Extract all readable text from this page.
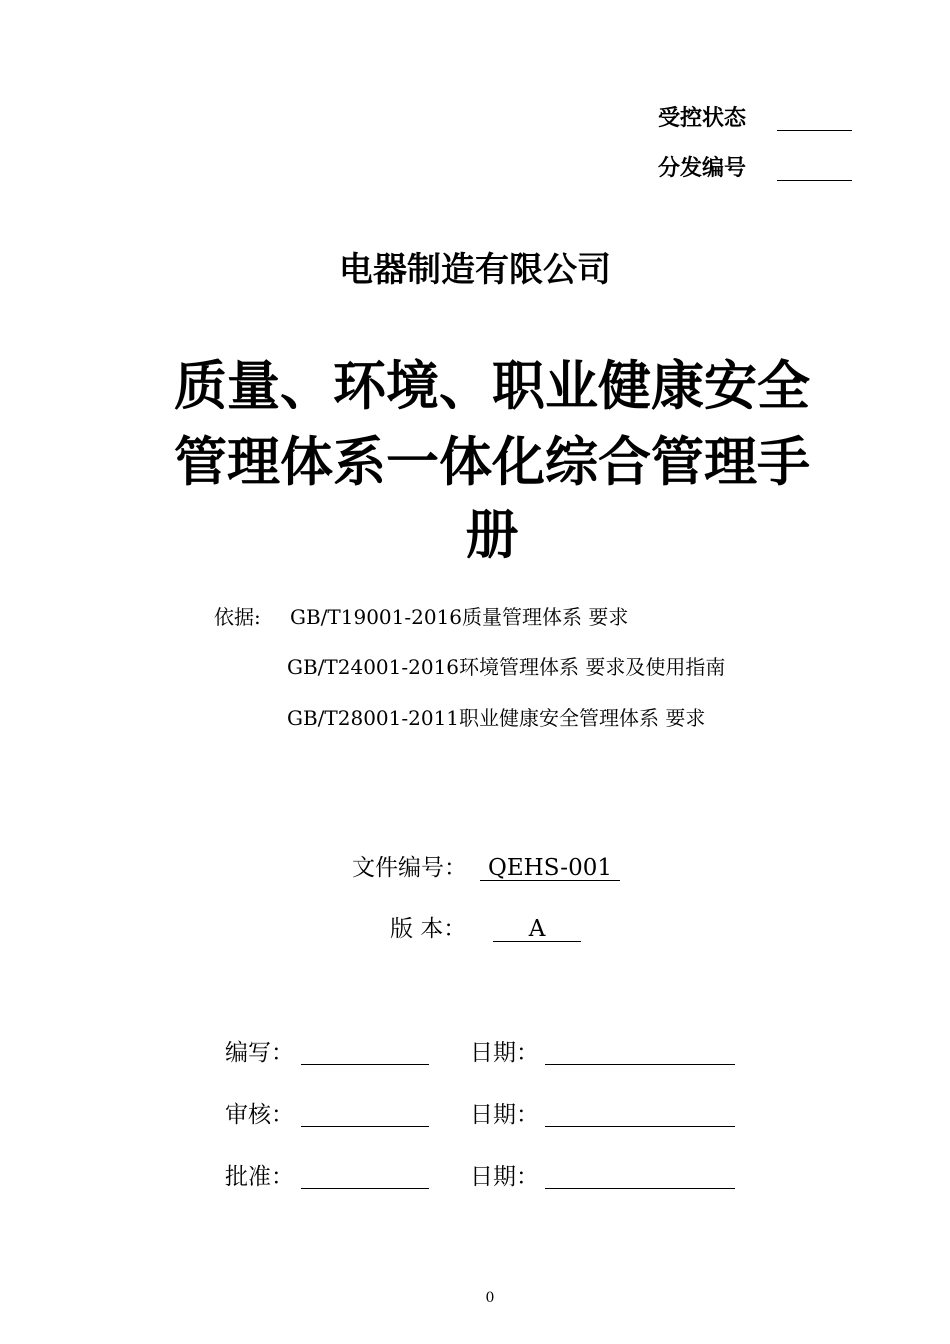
受控状态
分发编号
电器制造有限公司
质量、环境、职业健康安全
管理体系一体化综合管理手
册
依据: GB/T19001-2016质量管理体系 要求
GB/T24001-2016环境管理体系 要求及使用指南
GB/T28001-2011职业健康安全管理体系 要求
文件编号： QEHS-001
版 本：	A
编写：	日期：
审核：	日期：
批准：	日期：
0
